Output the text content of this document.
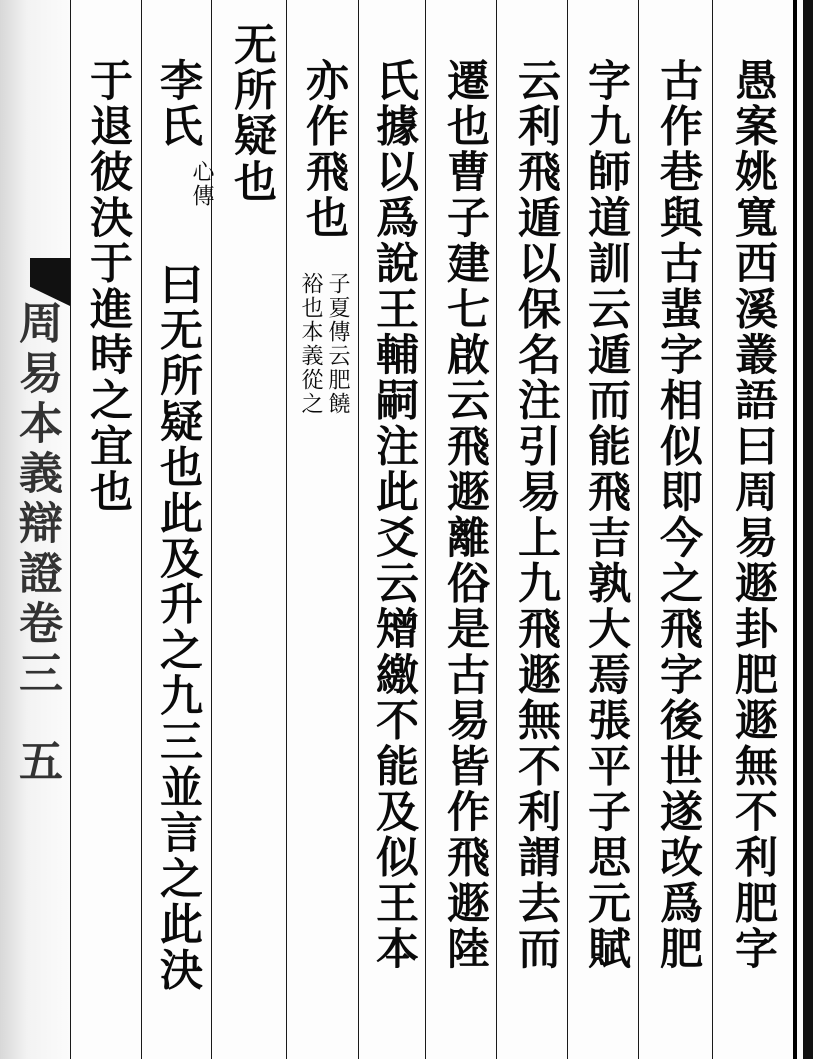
愚案姚寬西溪叢語曰周易遯卦肥遯無不利肥字
古作巷與古蜚字相似即今之飛字後世遂改爲肥
字九師道訓云遁而能飛吉孰大焉張平子思元賦
云利飛遁以保名注引易上九飛遯無不利謂去而
遷也曹子建七啟云飛遯離俗是古易皆作飛遯陸
氏據以爲說王輔嗣注此爻云矰繳不能及似王本
亦作飛也
子夏傳云肥饒
裕也本義從之
无所疑也
李氏
心傳
曰无所疑也此及升之九三並言之此決
于退彼決于進時之宜也
周易本義辯證卷三
五
